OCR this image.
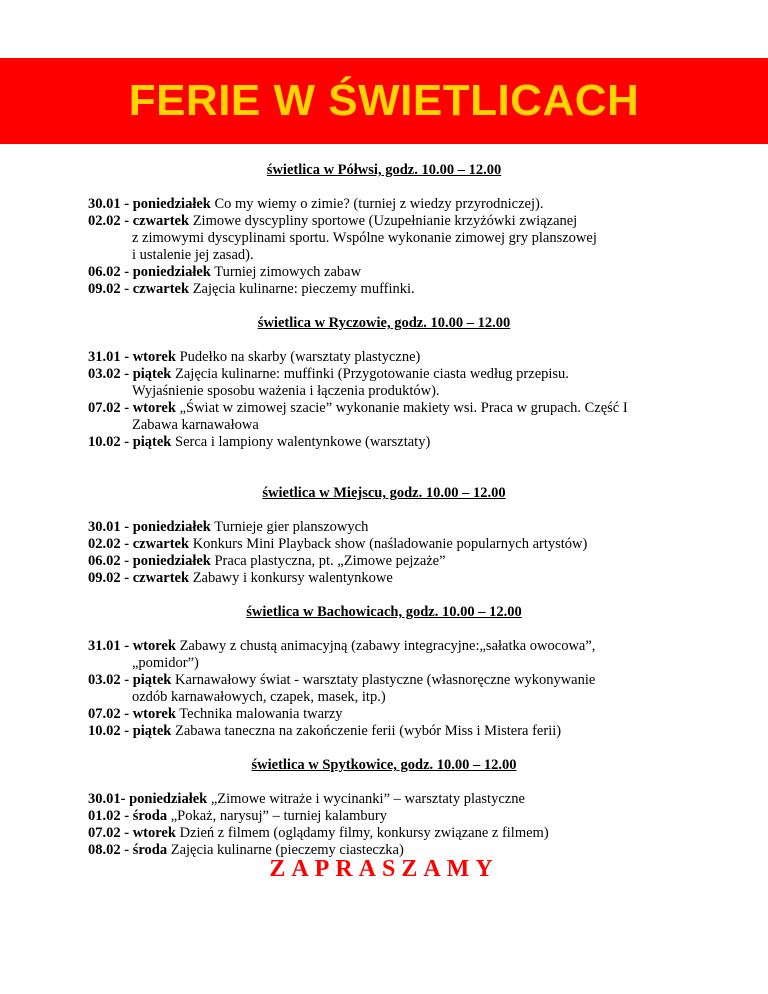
FERIE W ŚWIETLICACH
świetlica w Półwsi, godz. 10.00 – 12.00
30.01 - poniedziałek Co my wiemy o zimie? (turniej z wiedzy przyrodniczej).
02.02 - czwartek Zimowe dyscypliny sportowe (Uzupełnianie krzyżówki związanej
z zimowymi dyscyplinami sportu. Wspólne wykonanie zimowej gry planszowej
i ustalenie jej zasad).
06.02 - poniedziałek Turniej zimowych zabaw
09.02 - czwartek Zajęcia kulinarne: pieczemy muffinki.
świetlica w Ryczowie, godz. 10.00 – 12.00
31.01 - wtorek Pudełko na skarby (warsztaty plastyczne)
03.02 - piątek Zajęcia kulinarne: muffinki (Przygotowanie ciasta według przepisu.
Wyjaśnienie sposobu ważenia i łączenia produktów).
07.02 - wtorek „Świat w zimowej szacie” wykonanie makiety wsi. Praca w grupach. Część I
Zabawa karnawałowa
10.02 - piątek Serca i lampiony walentynkowe (warsztaty)
świetlica w Miejscu, godz. 10.00 – 12.00
30.01 - poniedziałek Turnieje gier planszowych
02.02 - czwartek Konkurs Mini Playback show (naśladowanie popularnych artystów)
06.02 - poniedziałek Praca plastyczna, pt. „Zimowe pejzaże”
09.02 - czwartek Zabawy i konkursy walentynkowe
świetlica w Bachowicach, godz. 10.00 – 12.00
31.01 - wtorek Zabawy z chustą animacyjną (zabawy integracyjne:„sałatka owocowa”,
„pomidor”)
03.02 - piątek Karnawałowy świat - warsztaty plastyczne (własnoręczne wykonywanie
ozdób karnawałowych, czapek, masek, itp.)
07.02 - wtorek Technika malowania twarzy
10.02 - piątek Zabawa taneczna na zakończenie ferii (wybór Miss i Mistera ferii)
świetlica w Spytkowice, godz. 10.00 – 12.00
30.01- poniedziałek „Zimowe witraże i wycinanki” – warsztaty plastyczne
01.02 - środa „Pokaż, narysuj” – turniej kalambury
07.02 - wtorek Dzień z filmem (oglądamy filmy, konkursy związane z filmem)
08.02 - środa Zajęcia kulinarne (pieczemy ciasteczka)
ZAPRASZAMY
